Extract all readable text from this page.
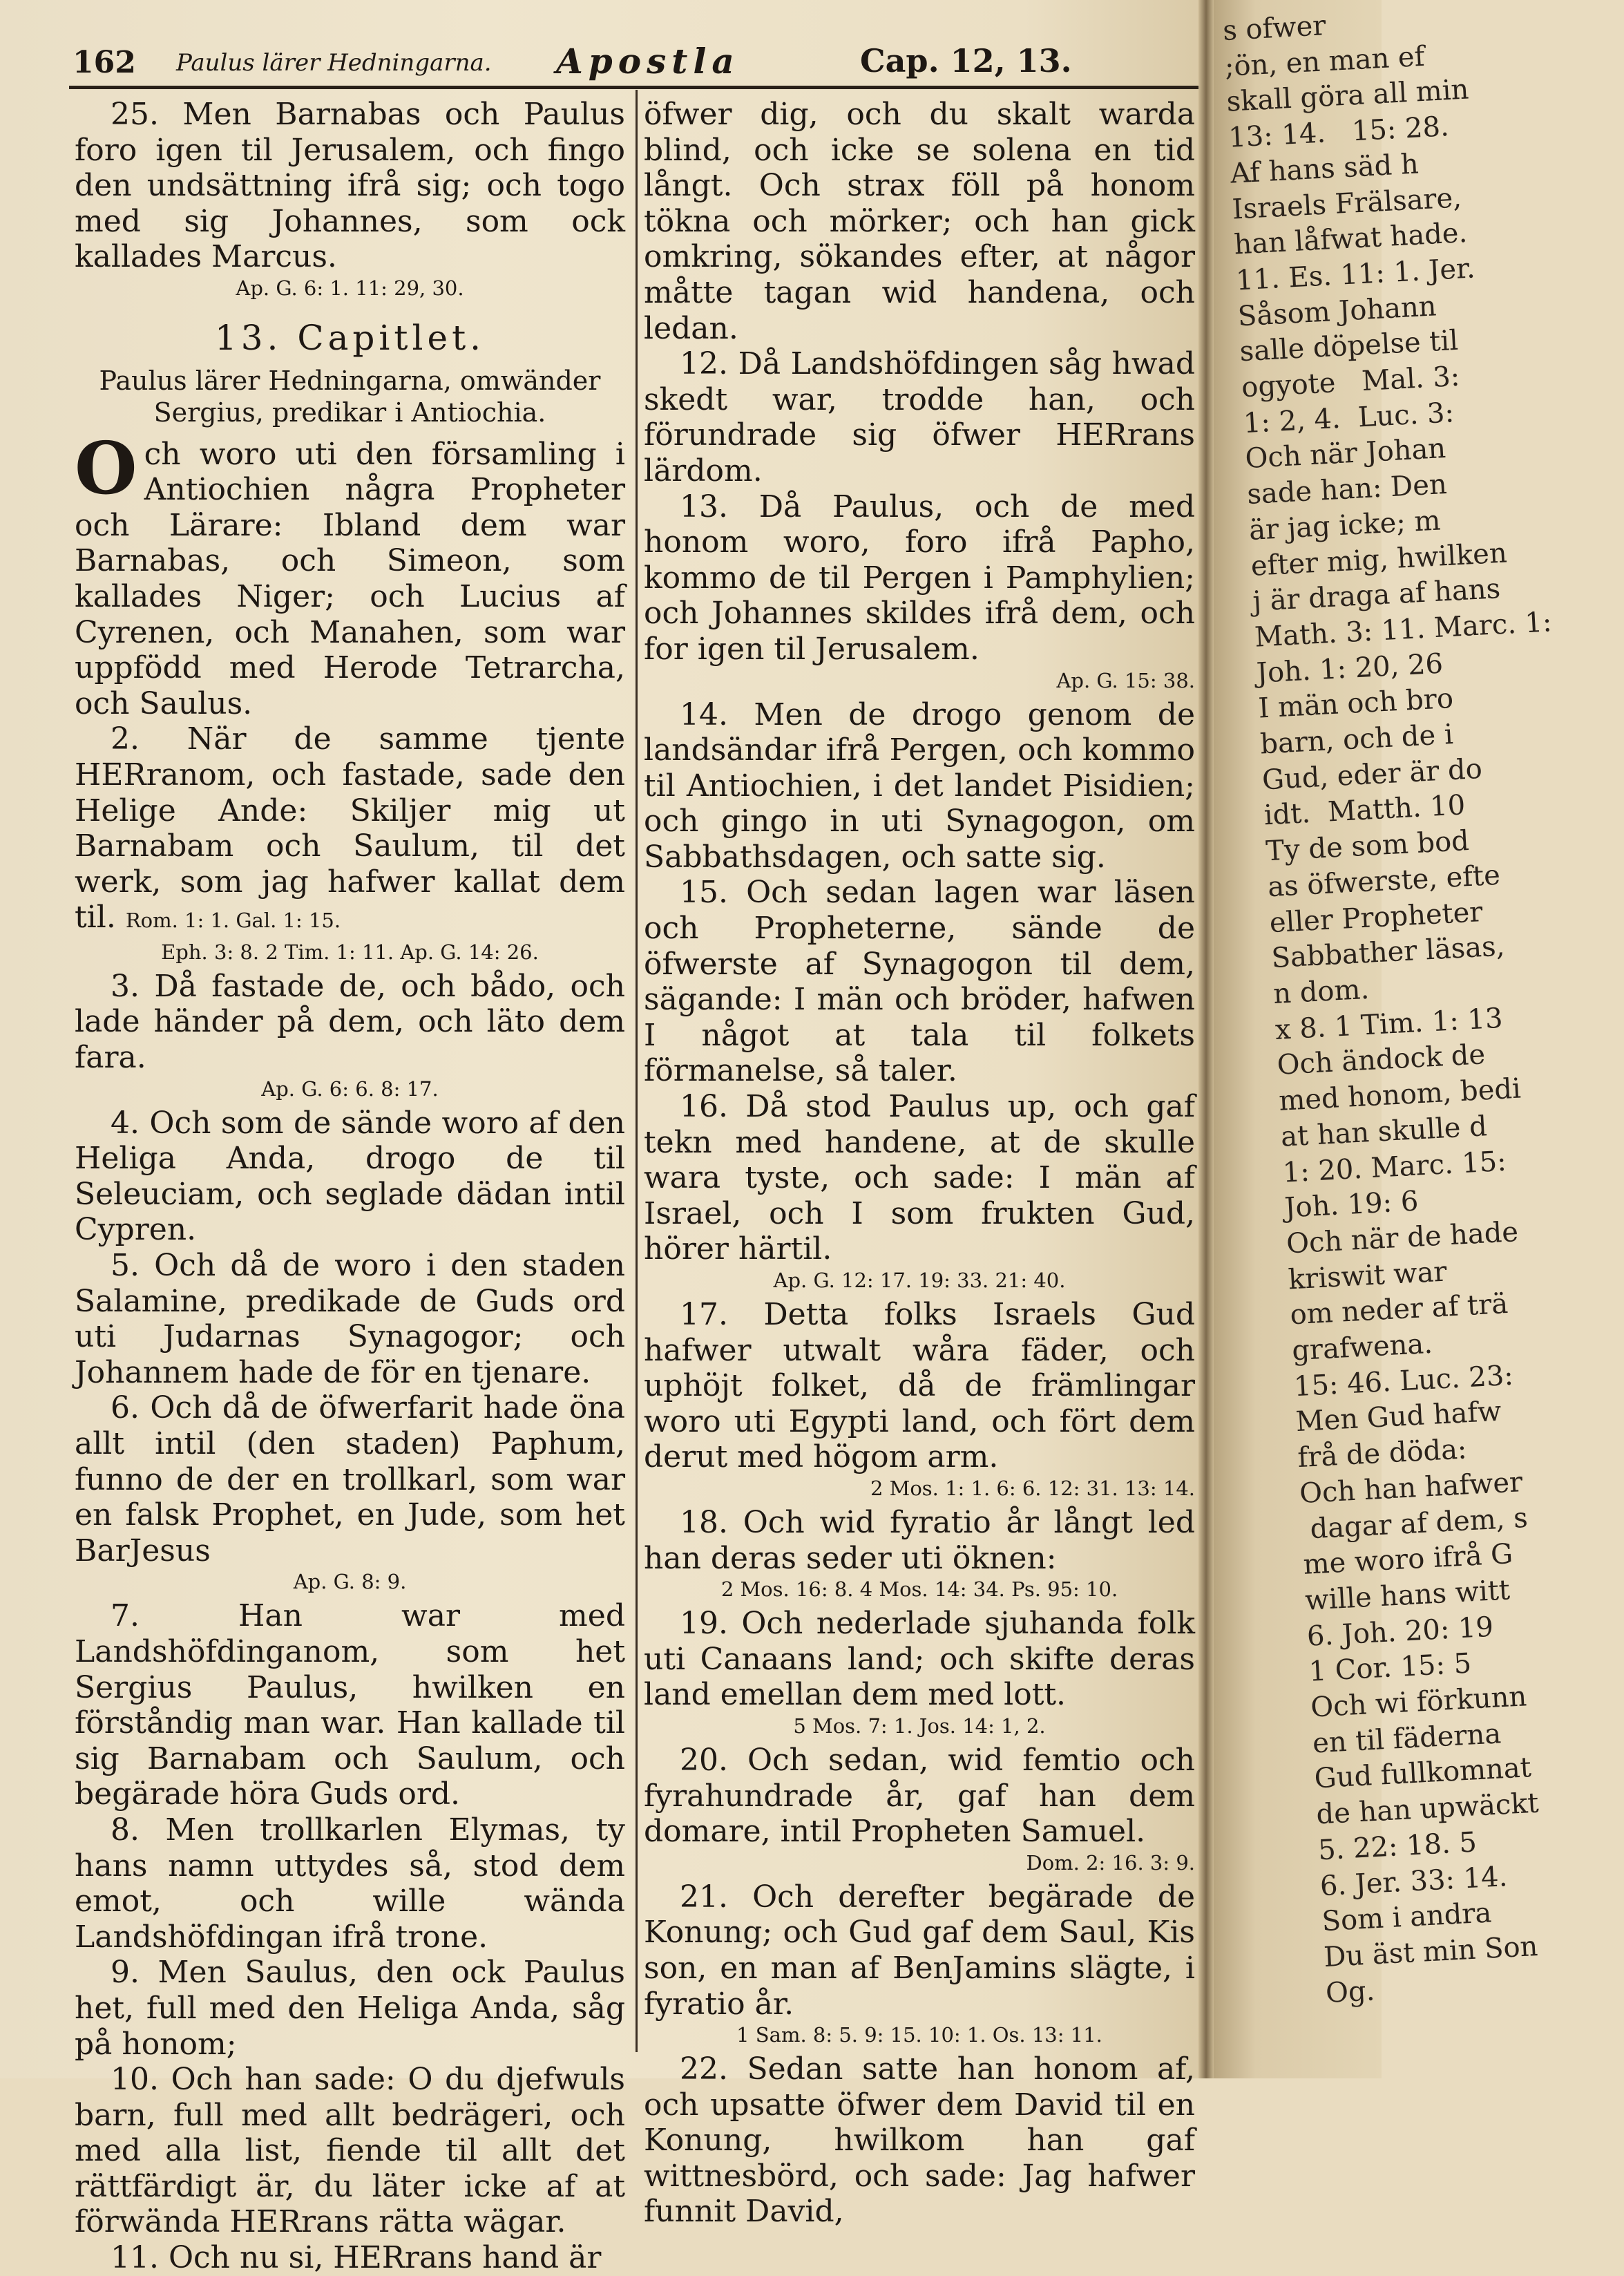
162 Paulus lärer Hedningarna. Apostla	Cap. 12, 13.

25. Men Barnabas och Paulus foro igen til Jerusalem, och fingo den undsättning ifrå sig; och togo med sig Johannes, som ock kallades Marcus.

Ap. G. 6: 1. 11: 29, 30.

13. Capitlet.
Paulus lärer Hedningarna, omwänder Sergius, predikar i Antiochia.

Och woro uti den församling i Antiochien några Propheter och Lärare: Ibland dem war Barnabas, och Simeon, som kallades Niger; och Lucius af Cyrenen, och Manahen, som war uppfödd med Herode Tetrarcha, och Saulus.

2. När de samme tjente HERranom, och fastade, sade den Helige Ande: Skiljer mig ut Barnabam och Saulum, til det werk, som jag hafwer kallat dem til. Rom. 1: 1. Gal. 1: 15.

Eph. 3: 8. 2 Tim. 1: 11. Ap. G. 14: 26.

3. Då fastade de, och bådo, och lade händer på dem, och läto dem fara.

Ap. G. 6: 6. 8: 17.

4. Och som de sände woro af den Heliga Anda, drogo de til Seleuciam, och seglade dädan intil Cypren.

5. Och då de woro i den staden Salamine, predikade de Guds ord uti Judarnas Synagogor; och Johannem hade de för en tjenare.

6. Och då de öfwerfarit hade öna allt intil (den staden) Paphum, funno de der en trollkarl, som war en falsk Prophet, en Jude, som het BarJesus

Ap. G. 8: 9.

7. Han war med Landshöfdinganom, som het Sergius Paulus, hwilken en förståndig man war. Han kallade til sig Barnabam och Saulum, och begärade höra Guds ord.

8. Men trollkarlen Elymas, ty hans namn uttydes så, stod dem emot, och wille wända Landshöfdingan ifrå trone.

9. Men Saulus, den ock Paulus het, full med den Heliga Anda, såg på honom;

10. Och han sade: O du djefwuls barn, full med allt bedrägeri, och med alla list, fiende til allt det rättfärdigt är, du läter icke af at förwända HERrans rätta wägar.

11. Och nu si, HERrans hand är

öfwer dig, och du skalt warda blind, och icke se solena en tid långt. Och strax föll på honom tökna och mörker; och han gick omkring, sökandes efter, at någor måtte tagan wid handena, och ledan.

12. Då Landshöfdingen såg hwad skedt war, trodde han, och förundrade sig öfwer HERrans lärdom.

13. Då Paulus, och de med honom woro, foro ifrå Papho, kommo de til Pergen i Pamphylien; och Johannes skildes ifrå dem, och for igen til Jerusalem.

Ap. G. 15: 38.

14. Men de drogo genom de landsändar ifrå Pergen, och kommo til Antiochien, i det landet Pisidien; och gingo in uti Synagogon, om Sabbathsdagen, och satte sig.

15. Och sedan lagen war läsen och Propheterne, sände de öfwerste af Synagogon til dem, sägande: I män och bröder, hafwen I något at tala til folkets förmanelse, så taler.

16. Då stod Paulus up, och gaf tekn med handene, at de skulle wara tyste, och sade: I män af Israel, och I som frukten Gud, hörer härtil.

Ap. G. 12: 17. 19: 33. 21: 40.

17. Detta folks Israels Gud hafwer utwalt wåra fäder, och uphöjt folket, då de främlingar woro uti Egypti land, och fört dem derut med högom arm.

2 Mos. 1: 1. 6: 6. 12: 31. 13: 14.

18. Och wid fyratio år långt led han deras seder uti öknen:

2 Mos. 16: 8. 4 Mos. 14: 34. Ps. 95: 10.

19. Och nederlade sjuhanda folk uti Canaans land; och skifte deras land emellan dem med lott.

5 Mos. 7: 1. Jos. 14: 1, 2.

20. Och sedan, wid femtio och fyrahundrade år, gaf han dem domare, intil Propheten Samuel.

Dom. 2: 16. 3: 9.

21. Och derefter begärade de Konung; och Gud gaf dem Saul, Kis son, en man af BenJamins slägte, i fyratio år.

1 Sam. 8: 5. 9: 15. 10: 1. Os. 13: 11.

22. Sedan satte han honom af, och upsatte öfwer dem David til en Konung, hwilkom han gaf wittnesbörd, och sade: Jag hafwer funnit David,

s ofwer
;ön, en man ef
skall göra all min
13: 14.   15: 28.
Af hans säd h
Israels Frälsare,
han låfwat hade.
11. Es. 11: 1. Jer.
Såsom Johann
salle döpelse til
ogyote   Mal. 3:
1: 2, 4.  Luc. 3:
Och när Johan
sade han: Den
är jag icke; m
efter mig, hwilken
j är draga af hans
Math. 3: 11. Marc. 1:
Joh. 1: 20, 26
I män och bro
barn, och de i
Gud, eder är do
idt.  Matth. 10
Ty de som bod
as öfwerste, efte
eller Propheter
Sabbather läsas,
n dom.
x 8. 1 Tim. 1: 13
Och ändock de
med honom, bedi
at han skulle d
1: 20. Marc. 15:
Joh. 19: 6
Och när de hade
kriswit war
om neder af trä
grafwena.
15: 46. Luc. 23:
Men Gud hafw
frå de döda:
Och han hafwer
dagar af dem, s
me woro ifrå G
wille hans witt
6. Joh. 20: 19
1 Cor. 15: 5
Och wi förkunn
en til fäderna
Gud fullkomnat
de han upwäckt
5. 22: 18. 5
6. Jer. 33: 14.
Som i andra
Du äst min Son
Og.
